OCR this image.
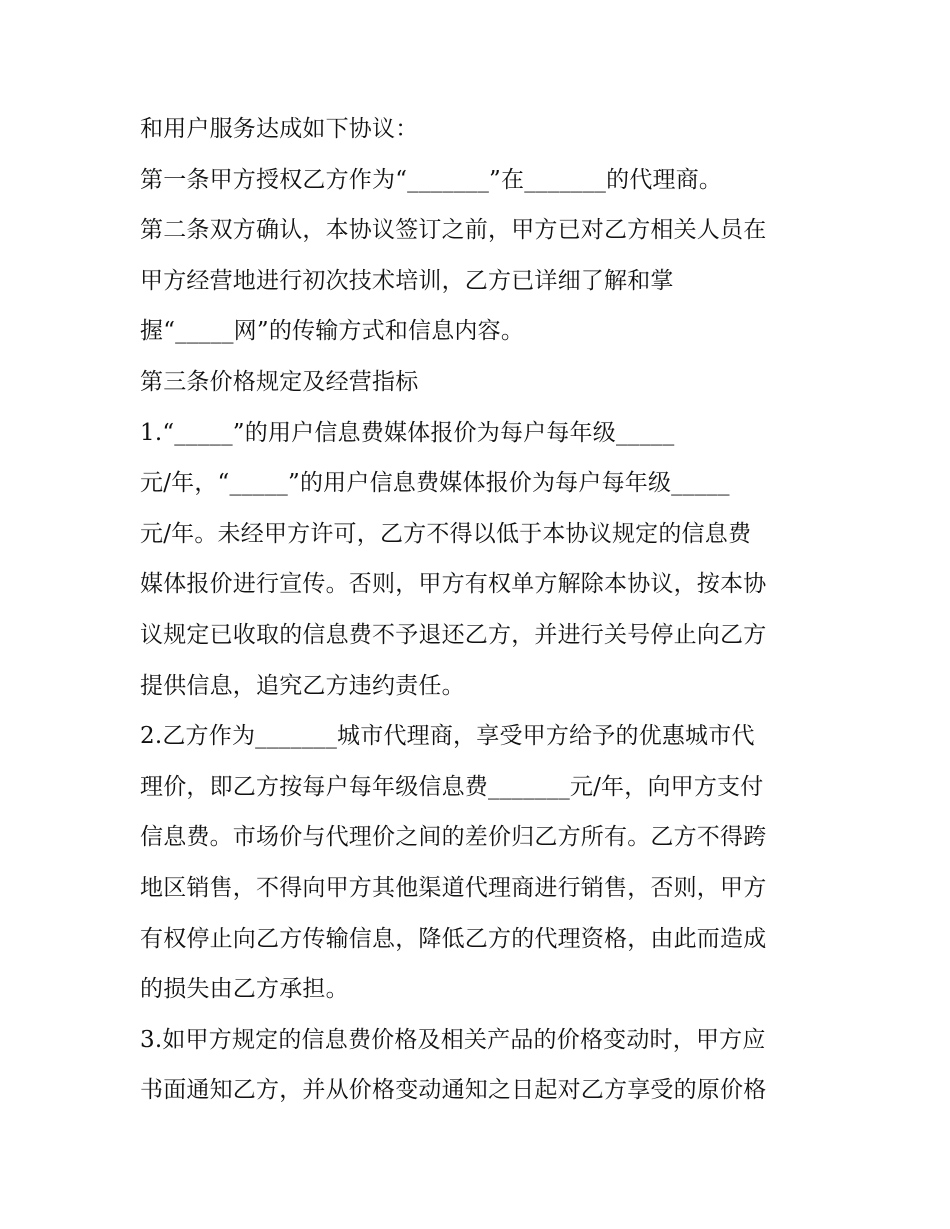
和用户服务达成如下协议：
第一条甲方授权乙方作为“_______”在_______的代理商。
第二条双方确认，本协议签订之前，甲方已对乙方相关人员在
甲方经营地进行初次技术培训，乙方已详细了解和掌
握“_____网”的传输方式和信息内容。
第三条价格规定及经营指标
1.“_____”的用户信息费媒体报价为每户每年级_____
元/年，“_____”的用户信息费媒体报价为每户每年级_____
元/年。未经甲方许可，乙方不得以低于本协议规定的信息费
媒体报价进行宣传。否则，甲方有权单方解除本协议，按本协
议规定已收取的信息费不予退还乙方，并进行关号停止向乙方
提供信息，追究乙方违约责任。
2.乙方作为_______城市代理商，享受甲方给予的优惠城市代
理价，即乙方按每户每年级信息费_______元/年，向甲方支付
信息费。市场价与代理价之间的差价归乙方所有。乙方不得跨
地区销售，不得向甲方其他渠道代理商进行销售，否则，甲方
有权停止向乙方传输信息，降低乙方的代理资格，由此而造成
的损失由乙方承担。
3.如甲方规定的信息费价格及相关产品的价格变动时，甲方应
书面通知乙方，并从价格变动通知之日起对乙方享受的原价格
